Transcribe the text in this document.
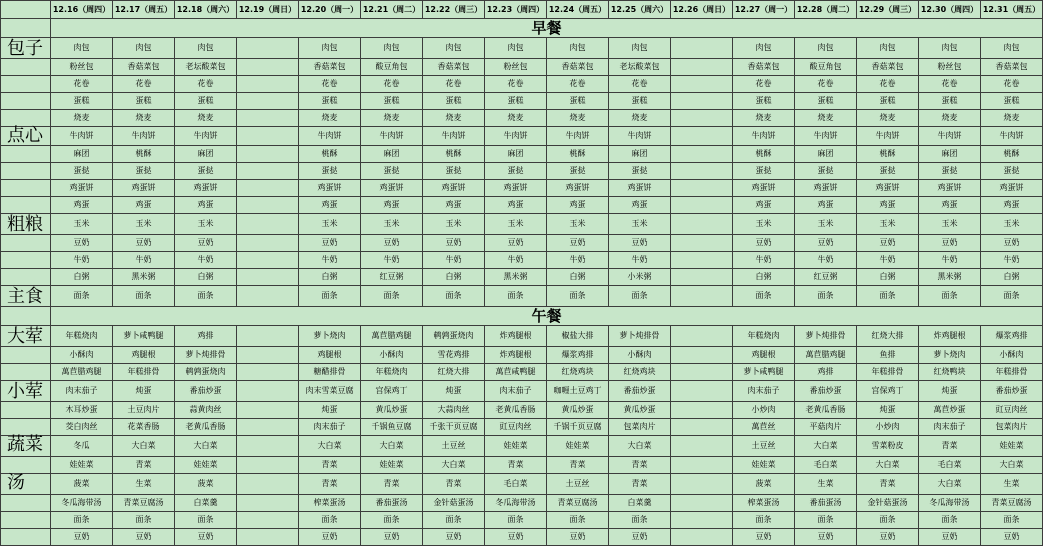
	12.16（周四）	12.17（周五）	12.18（周六）	12.19（周日）	12.20（周一）	12.21（周二）	12.22（周三）	12.23（周四）	12.24（周五）	12.25（周六）	12.26（周日）	12.27（周一）	12.28（周二）	12.29（周三）	12.30（周四）	12.31（周五）
	早餐															
包子	肉包	肉包	肉包		肉包	肉包	肉包	肉包	肉包	肉包		肉包	肉包	肉包	肉包	肉包
	粉丝包	香菇菜包	老坛酸菜包		香菇菜包	酸豆角包	香菇菜包	粉丝包	香菇菜包	老坛酸菜包		香菇菜包	酸豆角包	香菇菜包	粉丝包	香菇菜包
	花卷	花卷	花卷		花卷	花卷	花卷	花卷	花卷	花卷		花卷	花卷	花卷	花卷	花卷
	蛋糕	蛋糕	蛋糕		蛋糕	蛋糕	蛋糕	蛋糕	蛋糕	蛋糕		蛋糕	蛋糕	蛋糕	蛋糕	蛋糕
	烧麦	烧麦	烧麦		烧麦	烧麦	烧麦	烧麦	烧麦	烧麦		烧麦	烧麦	烧麦	烧麦	烧麦
点心	牛肉饼	牛肉饼	牛肉饼		牛肉饼	牛肉饼	牛肉饼	牛肉饼	牛肉饼	牛肉饼		牛肉饼	牛肉饼	牛肉饼	牛肉饼	牛肉饼
	麻团	桃酥	麻团		桃酥	麻团	桃酥	麻团	桃酥	麻团		桃酥	麻团	桃酥	麻团	桃酥
	蛋挞	蛋挞	蛋挞		蛋挞	蛋挞	蛋挞	蛋挞	蛋挞	蛋挞		蛋挞	蛋挞	蛋挞	蛋挞	蛋挞
	鸡蛋饼	鸡蛋饼	鸡蛋饼		鸡蛋饼	鸡蛋饼	鸡蛋饼	鸡蛋饼	鸡蛋饼	鸡蛋饼		鸡蛋饼	鸡蛋饼	鸡蛋饼	鸡蛋饼	鸡蛋饼
	鸡蛋	鸡蛋	鸡蛋		鸡蛋	鸡蛋	鸡蛋	鸡蛋	鸡蛋	鸡蛋		鸡蛋	鸡蛋	鸡蛋	鸡蛋	鸡蛋
粗粮	玉米	玉米	玉米		玉米	玉米	玉米	玉米	玉米	玉米		玉米	玉米	玉米	玉米	玉米
	豆奶	豆奶	豆奶		豆奶	豆奶	豆奶	豆奶	豆奶	豆奶		豆奶	豆奶	豆奶	豆奶	豆奶
	牛奶	牛奶	牛奶		牛奶	牛奶	牛奶	牛奶	牛奶	牛奶		牛奶	牛奶	牛奶	牛奶	牛奶
	白粥	黑米粥	白粥		白粥	红豆粥	白粥	黑米粥	白粥	小米粥		白粥	红豆粥	白粥	黑米粥	白粥
主食	面条	面条	面条		面条	面条	面条	面条	面条	面条		面条	面条	面条	面条	面条
	午餐															
大荤	年糕烧肉	萝卜咸鸭腿	鸡排		萝卜烧肉	萬苣腊鸡腿	鹌鹑蛋烧肉	炸鸡腿根	椒盐大排	萝卜炖排骨		年糕烧肉	萝卜炖排骨	红烧大排	炸鸡腿根	爆浆鸡排
	小酥肉	鸡腿根	萝卜炖排骨		鸡腿根	小酥肉	雪花鸡排	炸鸡腿根	爆浆鸡排	小酥肉		鸡腿根	萬苣腊鸡腿	鱼排	萝卜烧肉	小酥肉
	萬苣腊鸡腿	年糕排骨	鹌鹑蛋烧肉		糖醋排骨	年糕烧肉	红烧大排	萬苣咸鸭腿	红烧鸡块	红烧鸡块		萝卜咸鸭腿	鸡排	年糕排骨	红烧鸭块	年糕排骨
小荤	肉末茄子	炖蛋	番茄炒蛋		肉末雪菜豆腐	宫保鸡丁	炖蛋	肉末茄子	咖喱土豆鸡丁	番茄炒蛋		肉末茄子	番茄炒蛋	宫保鸡丁	炖蛋	番茄炒蛋
	木耳炒蛋	土豆肉片	蒜黄肉丝		炖蛋	黄瓜炒蛋	大蒜肉丝	老黄瓜香肠	黄瓜炒蛋	黄瓜炒蛋		小炒肉	老黄瓜香肠	炖蛋	萬苣炒蛋	豇豆肉丝
	茭白肉丝	花菜香肠	老黄瓜香肠		肉末茄子	千锅鱼豆腐	千张干页豆腐	豇豆肉丝	千锅千页豆腐	包菜肉片		萬苣丝	平菇肉片	小炒肉	肉末茄子	包菜肉片
蔬菜	冬瓜	大白菜	大白菜		大白菜	大白菜	土豆丝	娃娃菜	娃娃菜	大白菜		土豆丝	大白菜	雪菜粉皮	青菜	娃娃菜
	娃娃菜	青菜	娃娃菜		青菜	娃娃菜	大白菜	青菜	青菜	青菜		娃娃菜	毛白菜	大白菜	毛白菜	大白菜
汤	菠菜	生菜	菠菜		青菜	青菜	青菜	毛白菜	土豆丝	青菜		菠菜	生菜	青菜	大白菜	生菜
	冬瓜海带汤	青菜豆腐汤	白菜羹		榨菜蛋汤	番茄蛋汤	金针菇蛋汤	冬瓜海带汤	青菜豆腐汤	白菜羹		榨菜蛋汤	番茄蛋汤	金针菇蛋汤	冬瓜海带汤	青菜豆腐汤
	面条	面条	面条		面条	面条	面条	面条	面条	面条		面条	面条	面条	面条	面条
	豆奶	豆奶	豆奶		豆奶	豆奶	豆奶	豆奶	豆奶	豆奶		豆奶	豆奶	豆奶	豆奶	豆奶
